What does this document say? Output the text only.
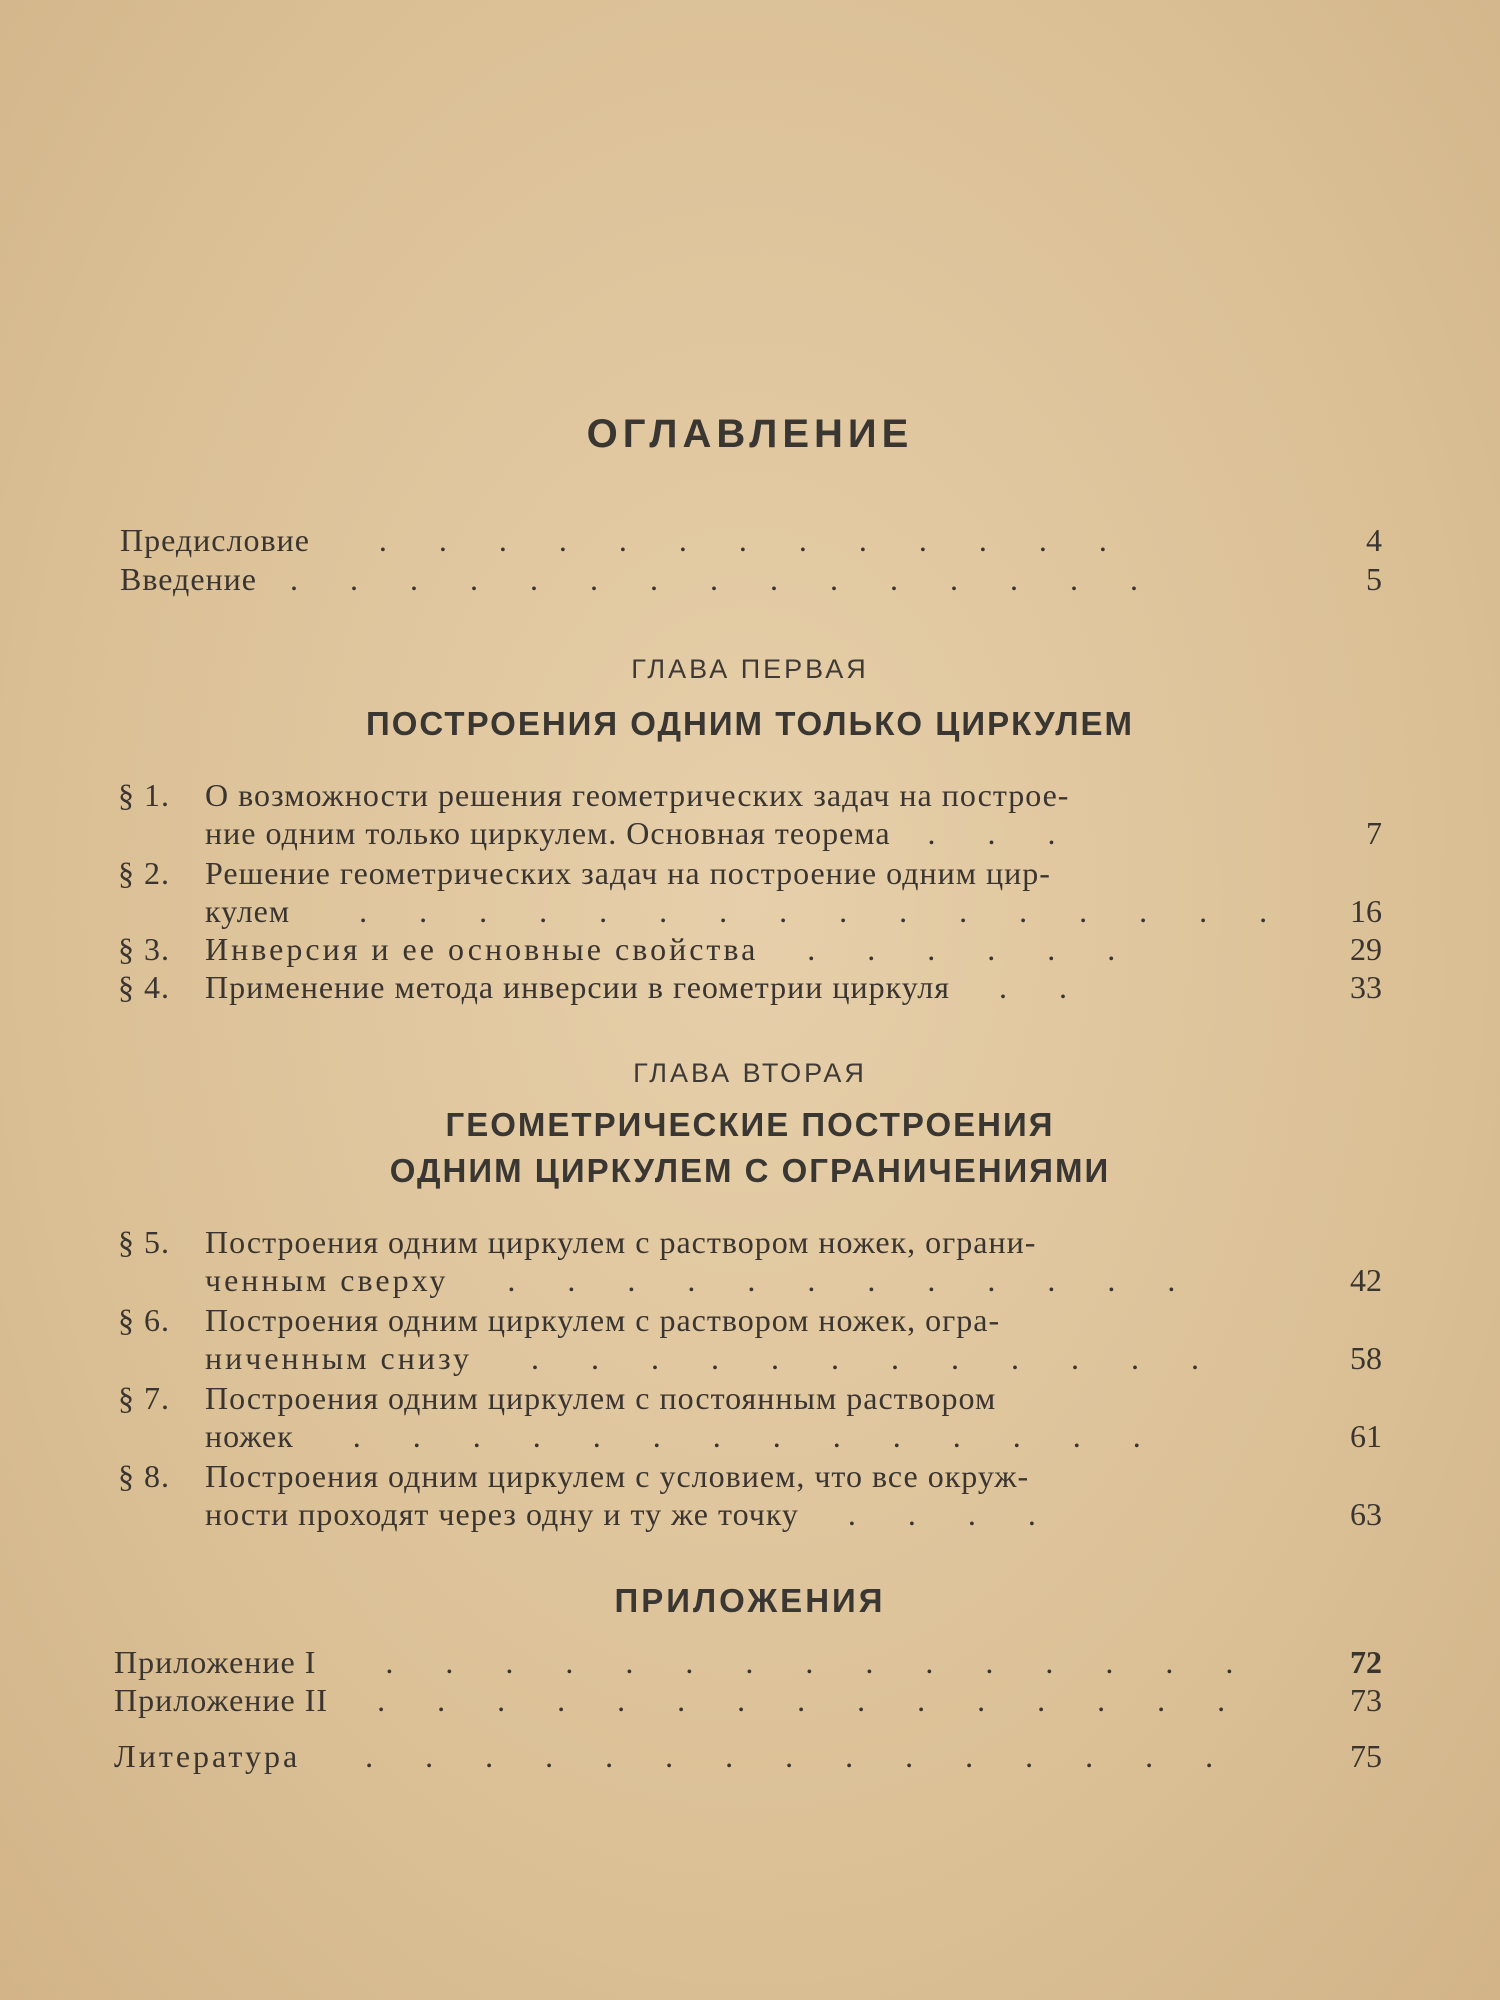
ОГЛАВЛЕНИЕ
Предисловие . . . . . . . . . . . . .	4
Введение . . . . . . . . . . . . . . .	5
ГЛАВА ПЕРВАЯ
ПОСТРОЕНИЯ ОДНИМ ТОЛЬКО ЦИРКУЛЕМ
§ 1. О возможности решения геометрических задач на построе-
ние одним только циркулем. Основная теорема . . .	7
§ 2. Решение геометрических задач на построение одним цир-
кулем . . . . . . . . . . . . . . . . 16
§ 3. Инверсия и ее основные свойства . . . . . .	29
§ 4. Применение метода инверсии в геометрии циркуля . .	33
ГЛАВА ВТОРАЯ
ГЕОМЕТРИЧЕСКИЕ ПОСТРОЕНИЯ
ОДНИМ ЦИРКУЛЕМ С ОГРАНИЧЕНИЯМИ
§ 5. Построения одним циркулем с раствором ножек, ограни-
ченным сверху . . . . . . . . . . . .	42
§ 6. Построения одним циркулем с раствором ножек, огра-
ниченным снизу . . . . . . . . . . . .	58
§ 7. Построения одним циркулем с постоянным раствором
ножек . . . . . . . . . . . . . .	61
§ 8. Построения одним циркулем с условием, что все окруж-
ности проходят через одну и ту же точку . . . .	63
ПРИЛОЖЕНИЯ
Приложение I . . . . . . . . . . . . . . .	72
Приложение II . . . . . . . . . . . . . . .	73
Литература . . . . . . . . . . . . . . .	75
